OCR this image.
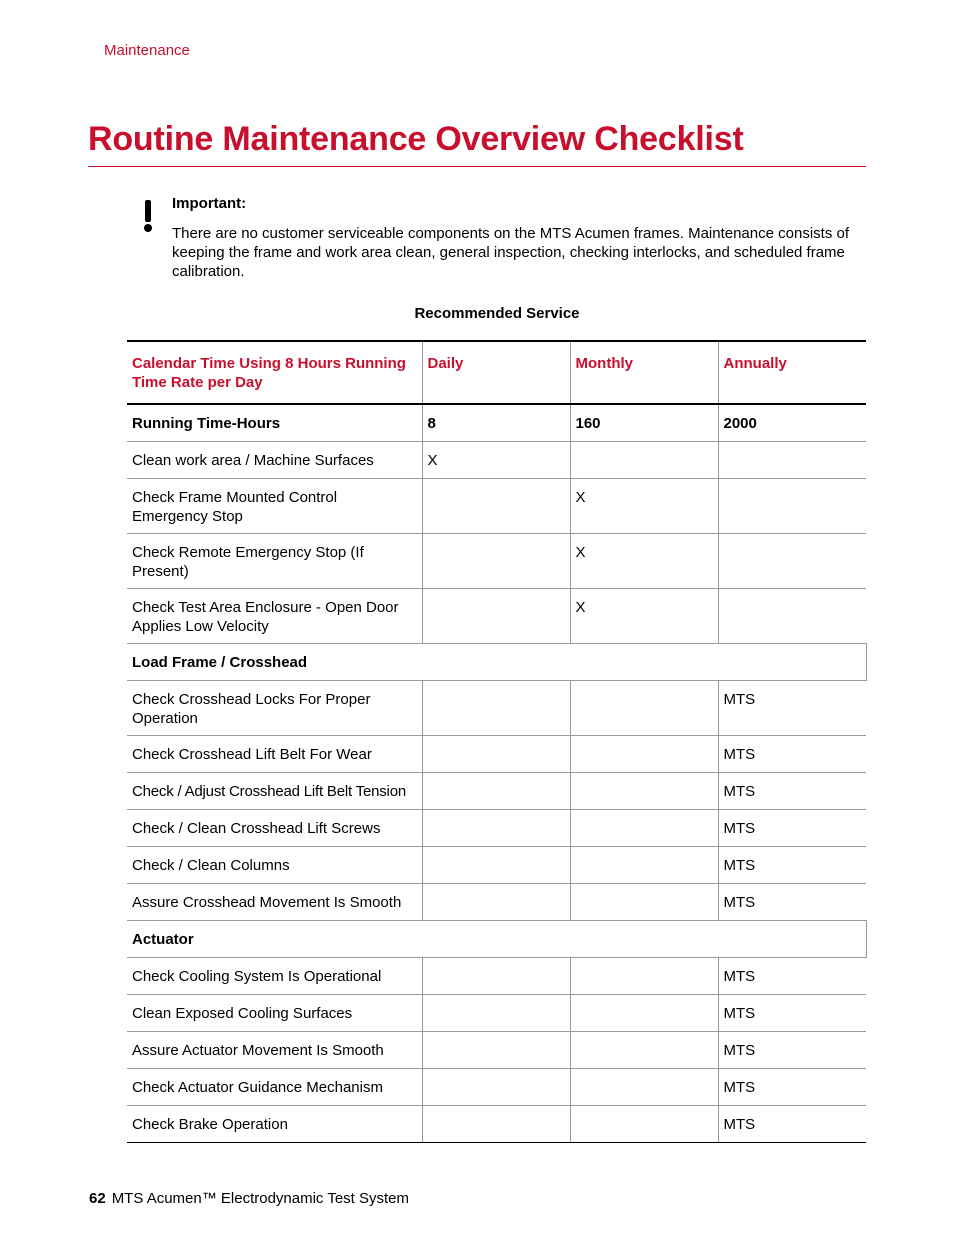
Maintenance
Routine Maintenance Overview Checklist
Important:
There are no customer serviceable components on the MTS Acumen frames. Maintenance consists of keeping the frame and work area clean, general inspection, checking interlocks, and scheduled frame calibration.
Recommended Service
Calendar Time Using 8 Hours Running Time Rate per Day	Daily	Monthly	Annually
Running Time-Hours	8	160	2000
Clean work area / Machine Surfaces	X		
Check Frame Mounted Control Emergency Stop		X	
Check Remote Emergency Stop (If Present)		X	
Check Test Area Enclosure - Open Door Applies Low Velocity		X	
Load Frame / Crosshead			
Check Crosshead Locks For Proper Operation			MTS
Check Crosshead Lift Belt For Wear			MTS
Check / Adjust Crosshead Lift Belt Tension			MTS
Check / Clean Crosshead Lift Screws			MTS
Check / Clean Columns			MTS
Assure Crosshead Movement Is Smooth			MTS
Actuator			
Check Cooling System Is Operational			MTS
Clean Exposed Cooling Surfaces			MTS
Assure Actuator Movement Is Smooth			MTS
Check Actuator Guidance Mechanism			MTS
Check Brake Operation			MTS
62 MTS Acumen™ Electrodynamic Test System
